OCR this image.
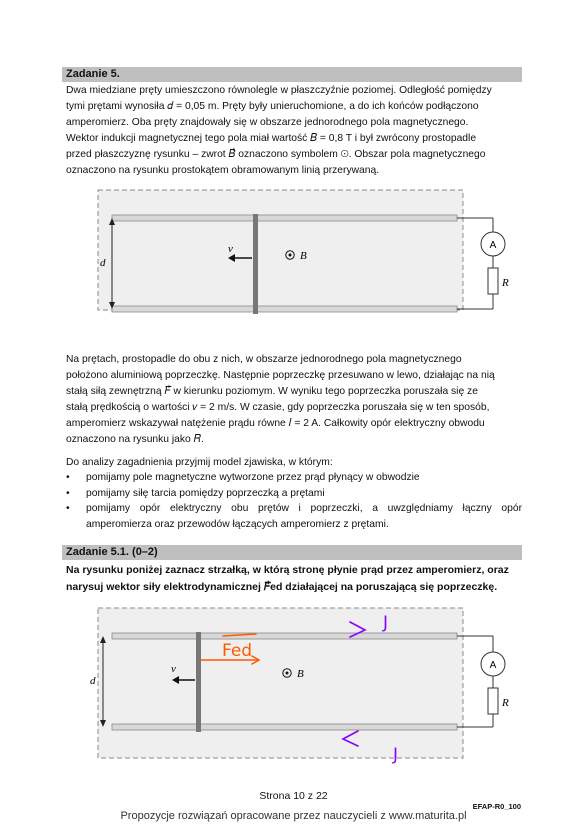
Zadanie 5.

Dwa miedziane pręty umieszczono równolegle w płaszczyźnie poziomej. Odległość pomiędzy

tymi prętami wynosiła 𝑑 = 0,05 m. Pręty były unieruchomione, a do ich końców podłączono

amperomierz. Oba pręty znajdowały się w obszarze jednorodnego pola magnetycznego.

Wektor indukcji magnetycznej tego pola miał wartość 𝐵 = 0,8 T i był zwrócony prostopadle

przed płaszczyznę rysunku – zwrot 𝐵⃗ oznaczono symbolem ⊙. Obszar pola magnetycznego

oznaczono na rysunku prostokątem obramowanym linią przerywaną.

A
R
d
v⃗
B⃗

Na prętach, prostopadle do obu z nich, w obszarze jednorodnego pola magnetycznego

położono aluminiową poprzeczkę. Następnie poprzeczkę przesuwano w lewo, działając na nią

stałą siłą zewnętrzną 𝐹⃗ w kierunku poziomym. W wyniku tego poprzeczka poruszała się ze

stałą prędkością o wartości 𝑣 = 2 m/s. W czasie, gdy poprzeczka poruszała się w ten sposób,

amperomierz wskazywał natężenie prądu równe 𝐼 = 2 A. Całkowity opór elektryczny obwodu

oznaczono na rysunku jako 𝑅.

Do analizy zagadnienia przyjmij model zjawiska, w którym:

• pomijamy pole magnetyczne wytworzone przez prąd płynący w obwodzie
• pomijamy siłę tarcia pomiędzy poprzeczką a prętami
• pomijamy opór elektryczny obu prętów i poprzeczki, a uwzględniamy łączny opór amperomierza oraz przewodów łączących amperomierz z prętami.
Zadanie 5.1. (0–2)

Na rysunku poniżej zaznacz strzałką, w którą stronę płynie prąd przez amperomierz, oraz

narysuj wektor siły elektrodynamicznej 𝐹⃗ed działającej na poruszającą się poprzeczkę.

A
R
d
v⃗	B⃗
Fed
J
J
Strona 10 z 22
EFAP-R0_100
Propozycje rozwiązań opracowane przez nauczycieli z www.maturita.pl
